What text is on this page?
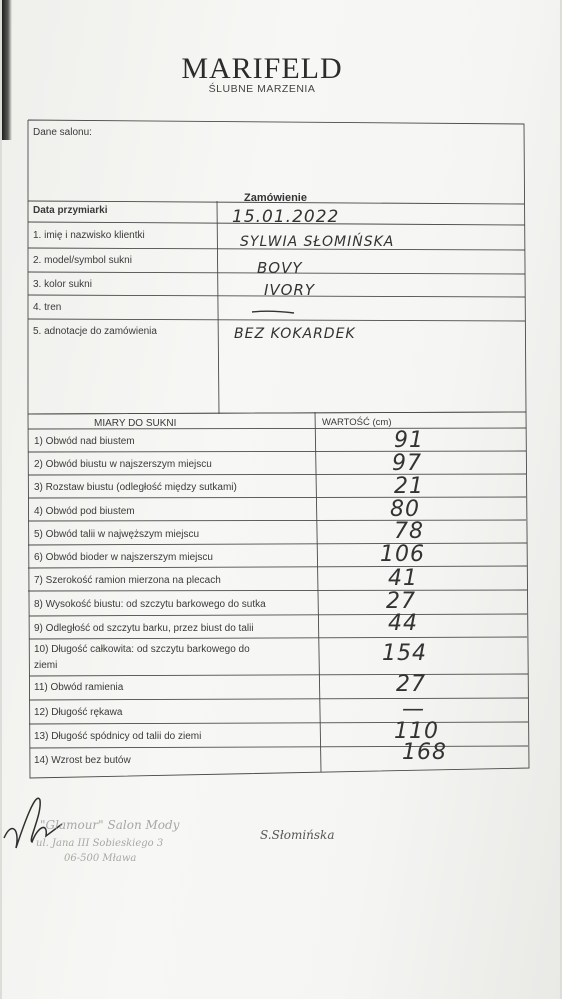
MARIFELD
ŚLUBNE MARZENIA
Dane salonu:
Zamówienie
Data przymiarki
1. imię i nazwisko klientki
2. model/symbol sukni
3. kolor sukni
4. tren
5. adnotacje do zamówienia
15.01.2022
SYLWIA SŁOMIŃSKA
BOVY
IVORY
BEZ KOKARDEK
MIARY DO SUKNI	WARTOŚĆ (cm)
1) Obwód nad biustem
2) Obwód biustu w najszerszym miejscu
3) Rozstaw biustu (odległość między sutkami)
4) Obwód pod biustem
5) Obwód talii w najwęższym miejscu
6) Obwód bioder w najszerszym miejscu
7) Szerokość ramion mierzona na plecach
8) Wysokość biustu: od szczytu barkowego do sutka
9) Odległość od szczytu barku, przez biust do talii
10) Długość całkowita: od szczytu barkowego do
ziemi
11) Obwód ramienia
12) Długość rękawa
13) Długość spódnicy od talii do ziemi
14) Wzrost bez butów
91
97
21
80
78
106
41
27
44
154
27
—
110
168
"Glamour" Salon Mody
ul. Jana III Sobieskiego 3
06-500 Mława
S.Słomińska
